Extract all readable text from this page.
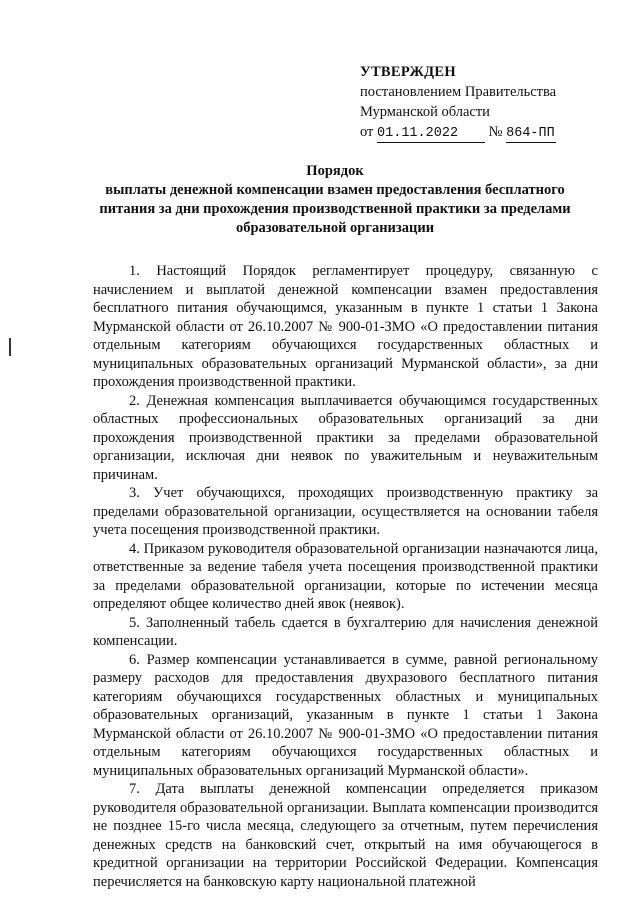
УТВЕРЖДЕН
постановлением Правительства
Мурманской области
от 01.11.2022 № 864-ПП
Порядок
выплаты денежной компенсации взамен предоставления бесплатного
питания за дни прохождения производственной практики за пределами
образовательной организации

1. Настоящий Порядок регламентирует процедуру, связанную с начислением и выплатой денежной компенсации взамен предоставления бесплатного питания обучающимся, указанным в пункте 1 статьи 1 Закона Мурманской области от 26.10.2007 № 900-01-ЗМО «О предоставлении питания отдельным категориям обучающихся государственных областных и муниципальных образовательных организаций Мурманской области», за дни прохождения производственной практики.

2. Денежная компенсация выплачивается обучающимся государственных областных профессиональных образовательных организаций за дни прохождения производственной практики за пределами образовательной организации, исключая дни неявок по уважительным и неуважительным причинам.

3. Учет обучающихся, проходящих производственную практику за пределами образовательной организации, осуществляется на основании табеля учета посещения производственной практики.

4. Приказом руководителя образовательной организации назначаются лица, ответственные за ведение табеля учета посещения производственной практики за пределами образовательной организации, которые по истечении месяца определяют общее количество дней явок (неявок).

5. Заполненный табель сдается в бухгалтерию для начисления денежной компенсации.

6. Размер компенсации устанавливается в сумме, равной региональному размеру расходов для предоставления двухразового бесплатного питания категориям обучающихся государственных областных и муниципальных образовательных организаций, указанным в пункте 1 статьи 1 Закона Мурманской области от 26.10.2007 № 900-01-ЗМО «О предоставлении питания отдельным категориям обучающихся государственных областных и муниципальных образовательных организаций Мурманской области».

7. Дата выплаты денежной компенсации определяется приказом руководителя образовательной организации. Выплата компенсации производится не позднее 15-го числа месяца, следующего за отчетным, путем перечисления денежных средств на банковский счет, открытый на имя обучающегося в кредитной организации на территории Российской Федерации. Компенсация перечисляется на банковскую карту национальной платежной
